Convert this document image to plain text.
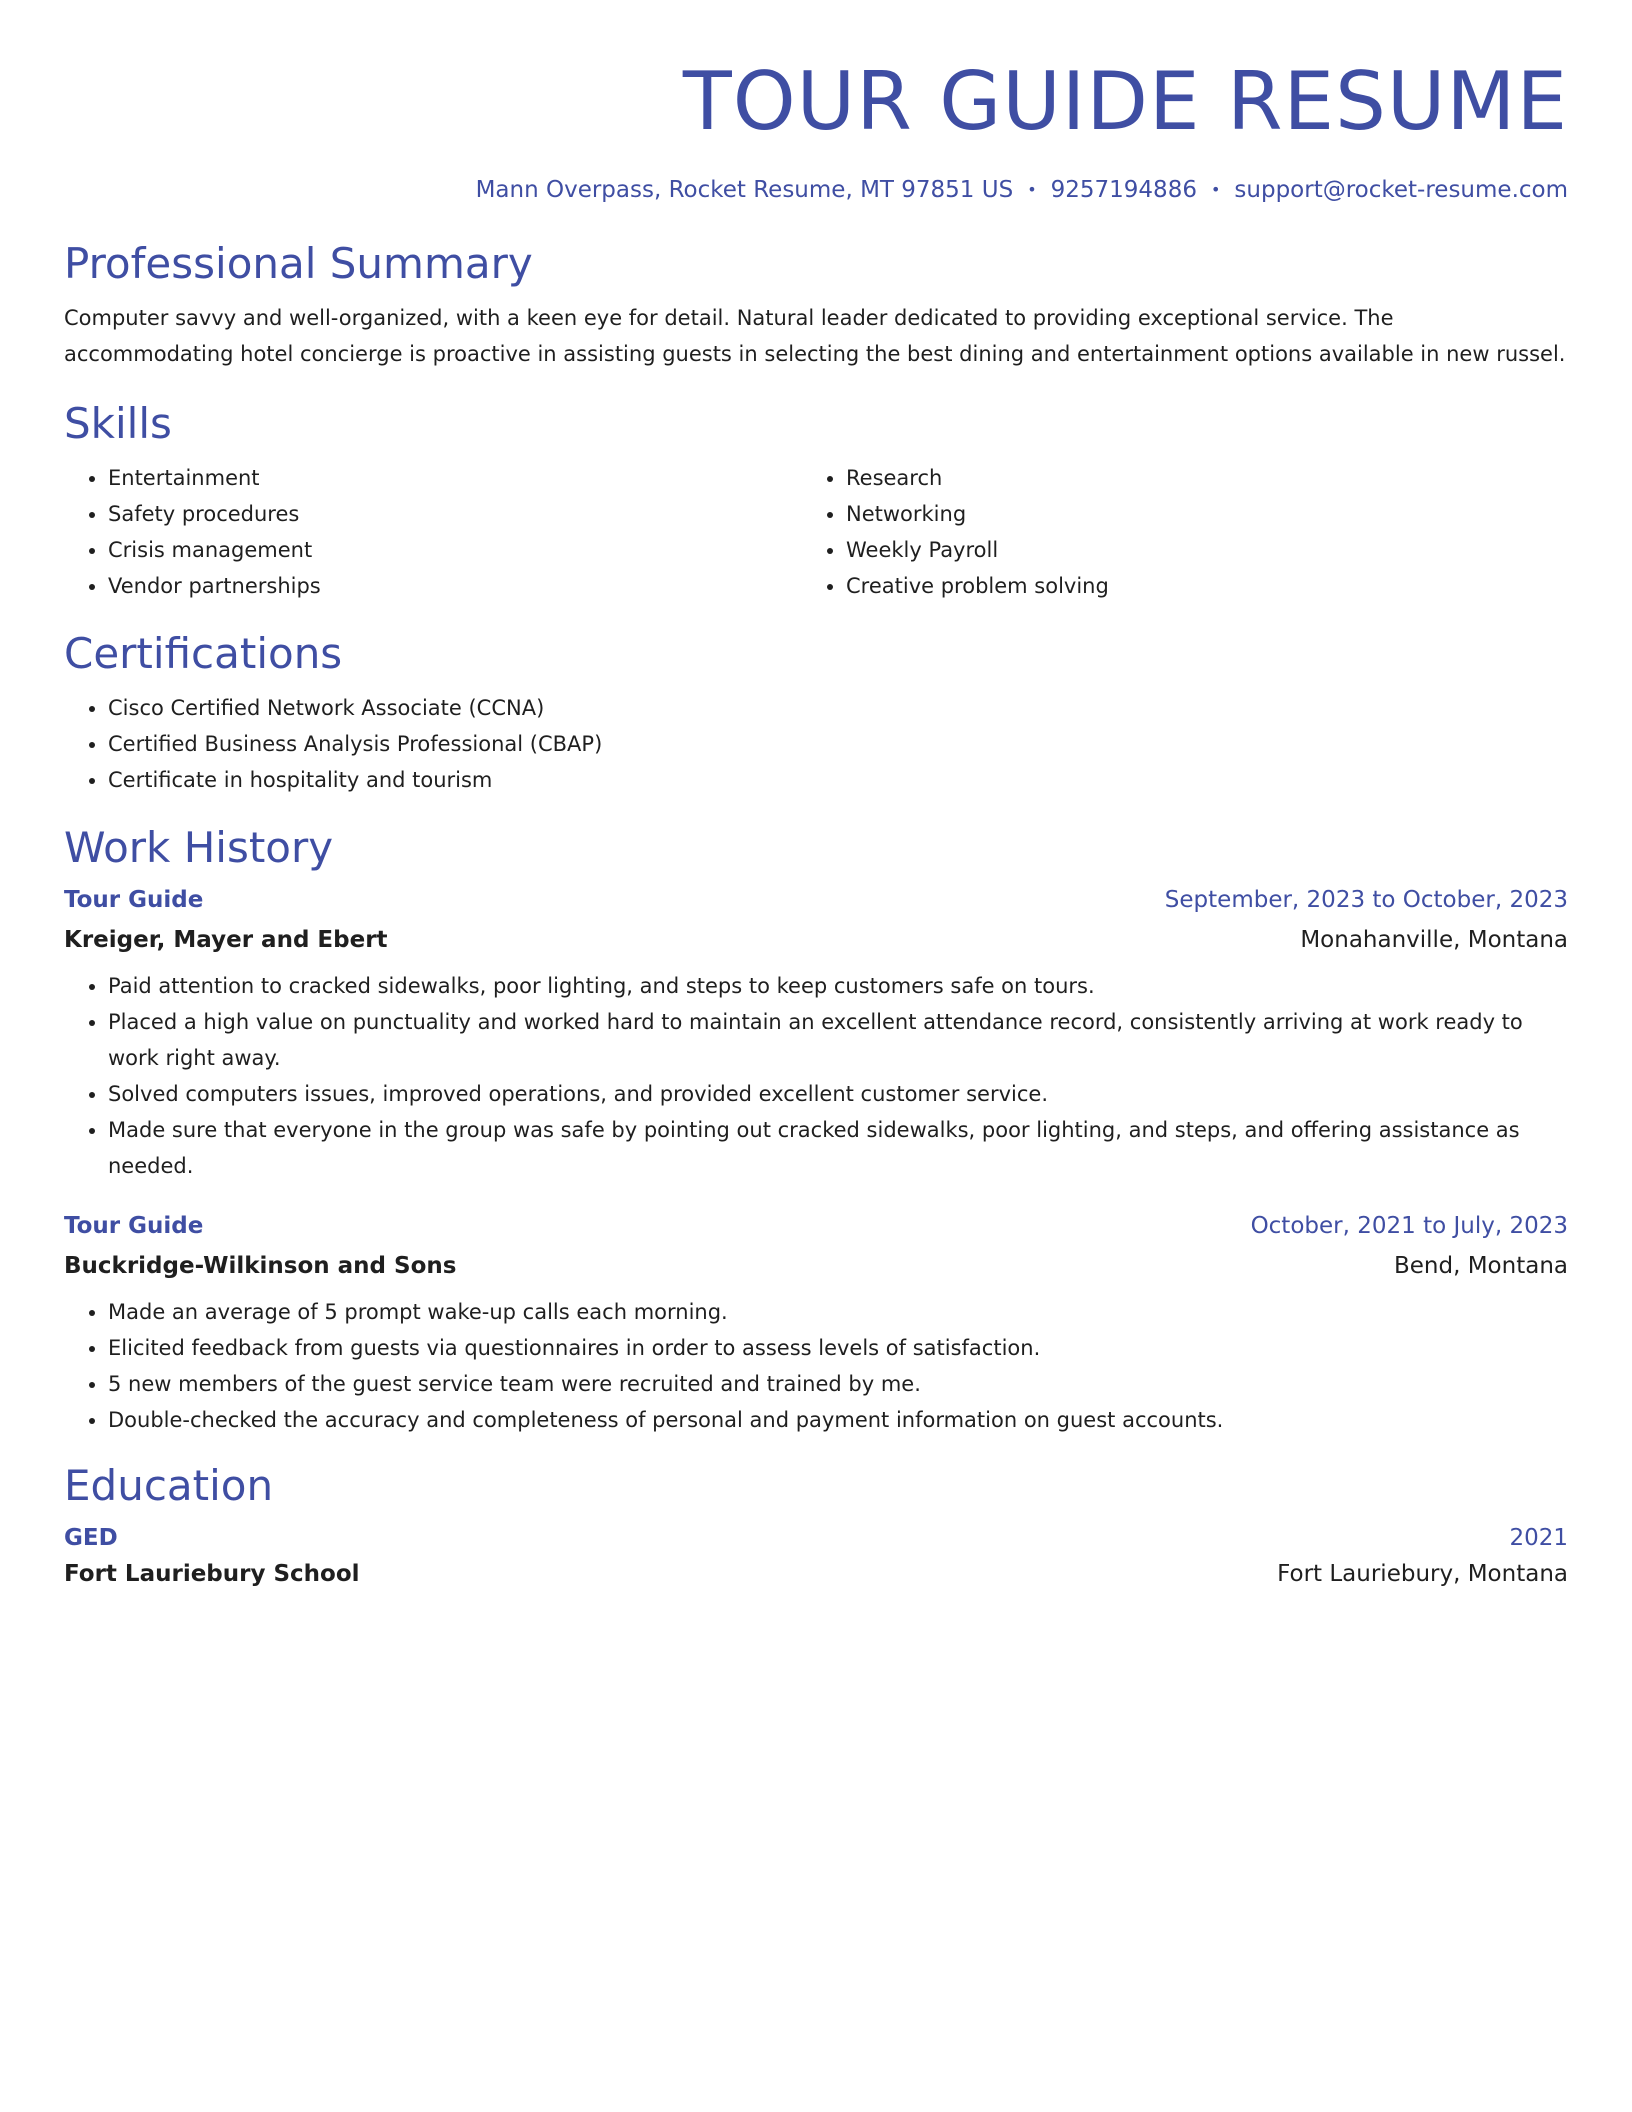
TOUR GUIDE RESUME
Mann Overpass, Rocket Resume, MT 97851 US • 9257194886 • support@rocket-resume.com
Professional Summary

Computer savvy and well-organized, with a keen eye for detail. Natural leader dedicated to providing exceptional service. The accommodating hotel concierge is proactive in assisting guests in selecting the best dining and entertainment options available in new russel.

Skills
• Entertainment
• Safety procedures
• Crisis management
• Vendor partnerships
• Research
• Networking
• Weekly Payroll
• Creative problem solving
Certifications
• Cisco Certified Network Associate (CCNA)
• Certified Business Analysis Professional (CBAP)
• Certificate in hospitality and tourism
Work History
Tour Guide	September, 2023 to October, 2023
Kreiger, Mayer and Ebert	Monahanville, Montana
• Paid attention to cracked sidewalks, poor lighting, and steps to keep customers safe on tours.
• Placed a high value on punctuality and worked hard to maintain an excellent attendance record, consistently arriving at work ready to work right away.
• Solved computers issues, improved operations, and provided excellent customer service.
• Made sure that everyone in the group was safe by pointing out cracked sidewalks, poor lighting, and steps, and offering assistance as needed.
Tour Guide	October, 2021 to July, 2023
Buckridge-Wilkinson and Sons	Bend, Montana
• Made an average of 5 prompt wake-up calls each morning.
• Elicited feedback from guests via questionnaires in order to assess levels of satisfaction.
• 5 new members of the guest service team were recruited and trained by me.
• Double-checked the accuracy and completeness of personal and payment information on guest accounts.
Education
GED	2021
Fort Lauriebury School	Fort Lauriebury, Montana
